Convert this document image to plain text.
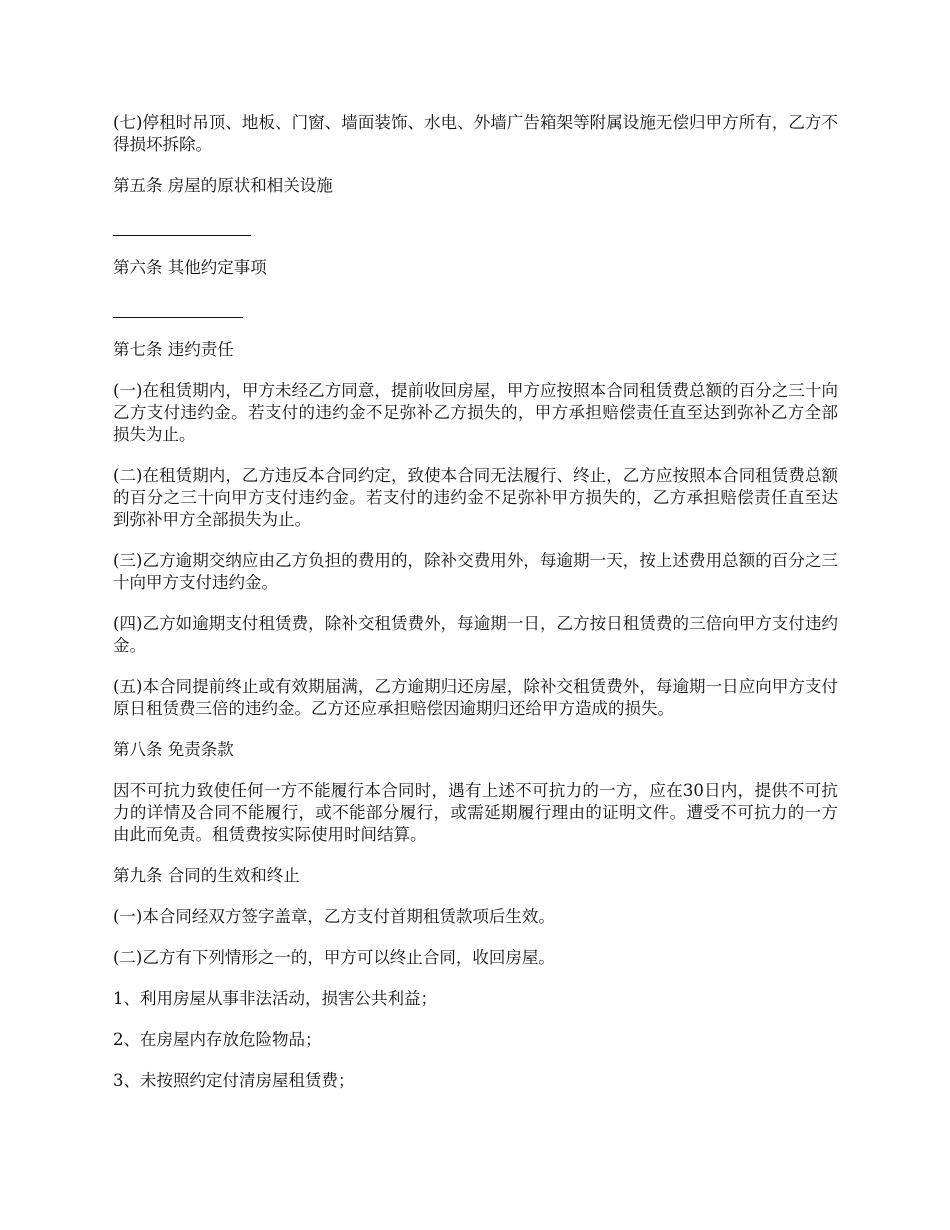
(七)停租时吊顶、地板、门窗、墙面装饰、水电、外墙广告箱架等附属设施无偿归甲方所有，乙方不得损坏拆除。

第五条 房屋的原状和相关设施

第六条 其他约定事项

第七条 违约责任

(一)在租赁期内，甲方未经乙方同意，提前收回房屋，甲方应按照本合同租赁费总额的百分之三十向乙方支付违约金。若支付的违约金不足弥补乙方损失的，甲方承担赔偿责任直至达到弥补乙方全部损失为止。

(二)在租赁期内，乙方违反本合同约定，致使本合同无法履行、终止，乙方应按照本合同租赁费总额的百分之三十向甲方支付违约金。若支付的违约金不足弥补甲方损失的，乙方承担赔偿责任直至达到弥补甲方全部损失为止。

(三)乙方逾期交纳应由乙方负担的费用的，除补交费用外，每逾期一天，按上述费用总额的百分之三十向甲方支付违约金。

(四)乙方如逾期支付租赁费，除补交租赁费外，每逾期一日，乙方按日租赁费的三倍向甲方支付违约金。

(五)本合同提前终止或有效期届满，乙方逾期归还房屋，除补交租赁费外，每逾期一日应向甲方支付原日租赁费三倍的违约金。乙方还应承担赔偿因逾期归还给甲方造成的损失。

第八条 免责条款

因不可抗力致使任何一方不能履行本合同时，遇有上述不可抗力的一方，应在30日内，提供不可抗力的详情及合同不能履行，或不能部分履行，或需延期履行理由的证明文件。遭受不可抗力的一方由此而免责。租赁费按实际使用时间结算。

第九条 合同的生效和终止

(一)本合同经双方签字盖章，乙方支付首期租赁款项后生效。

(二)乙方有下列情形之一的，甲方可以终止合同，收回房屋。

1、利用房屋从事非法活动，损害公共利益；

2、在房屋内存放危险物品；

3、未按照约定付清房屋租赁费；
